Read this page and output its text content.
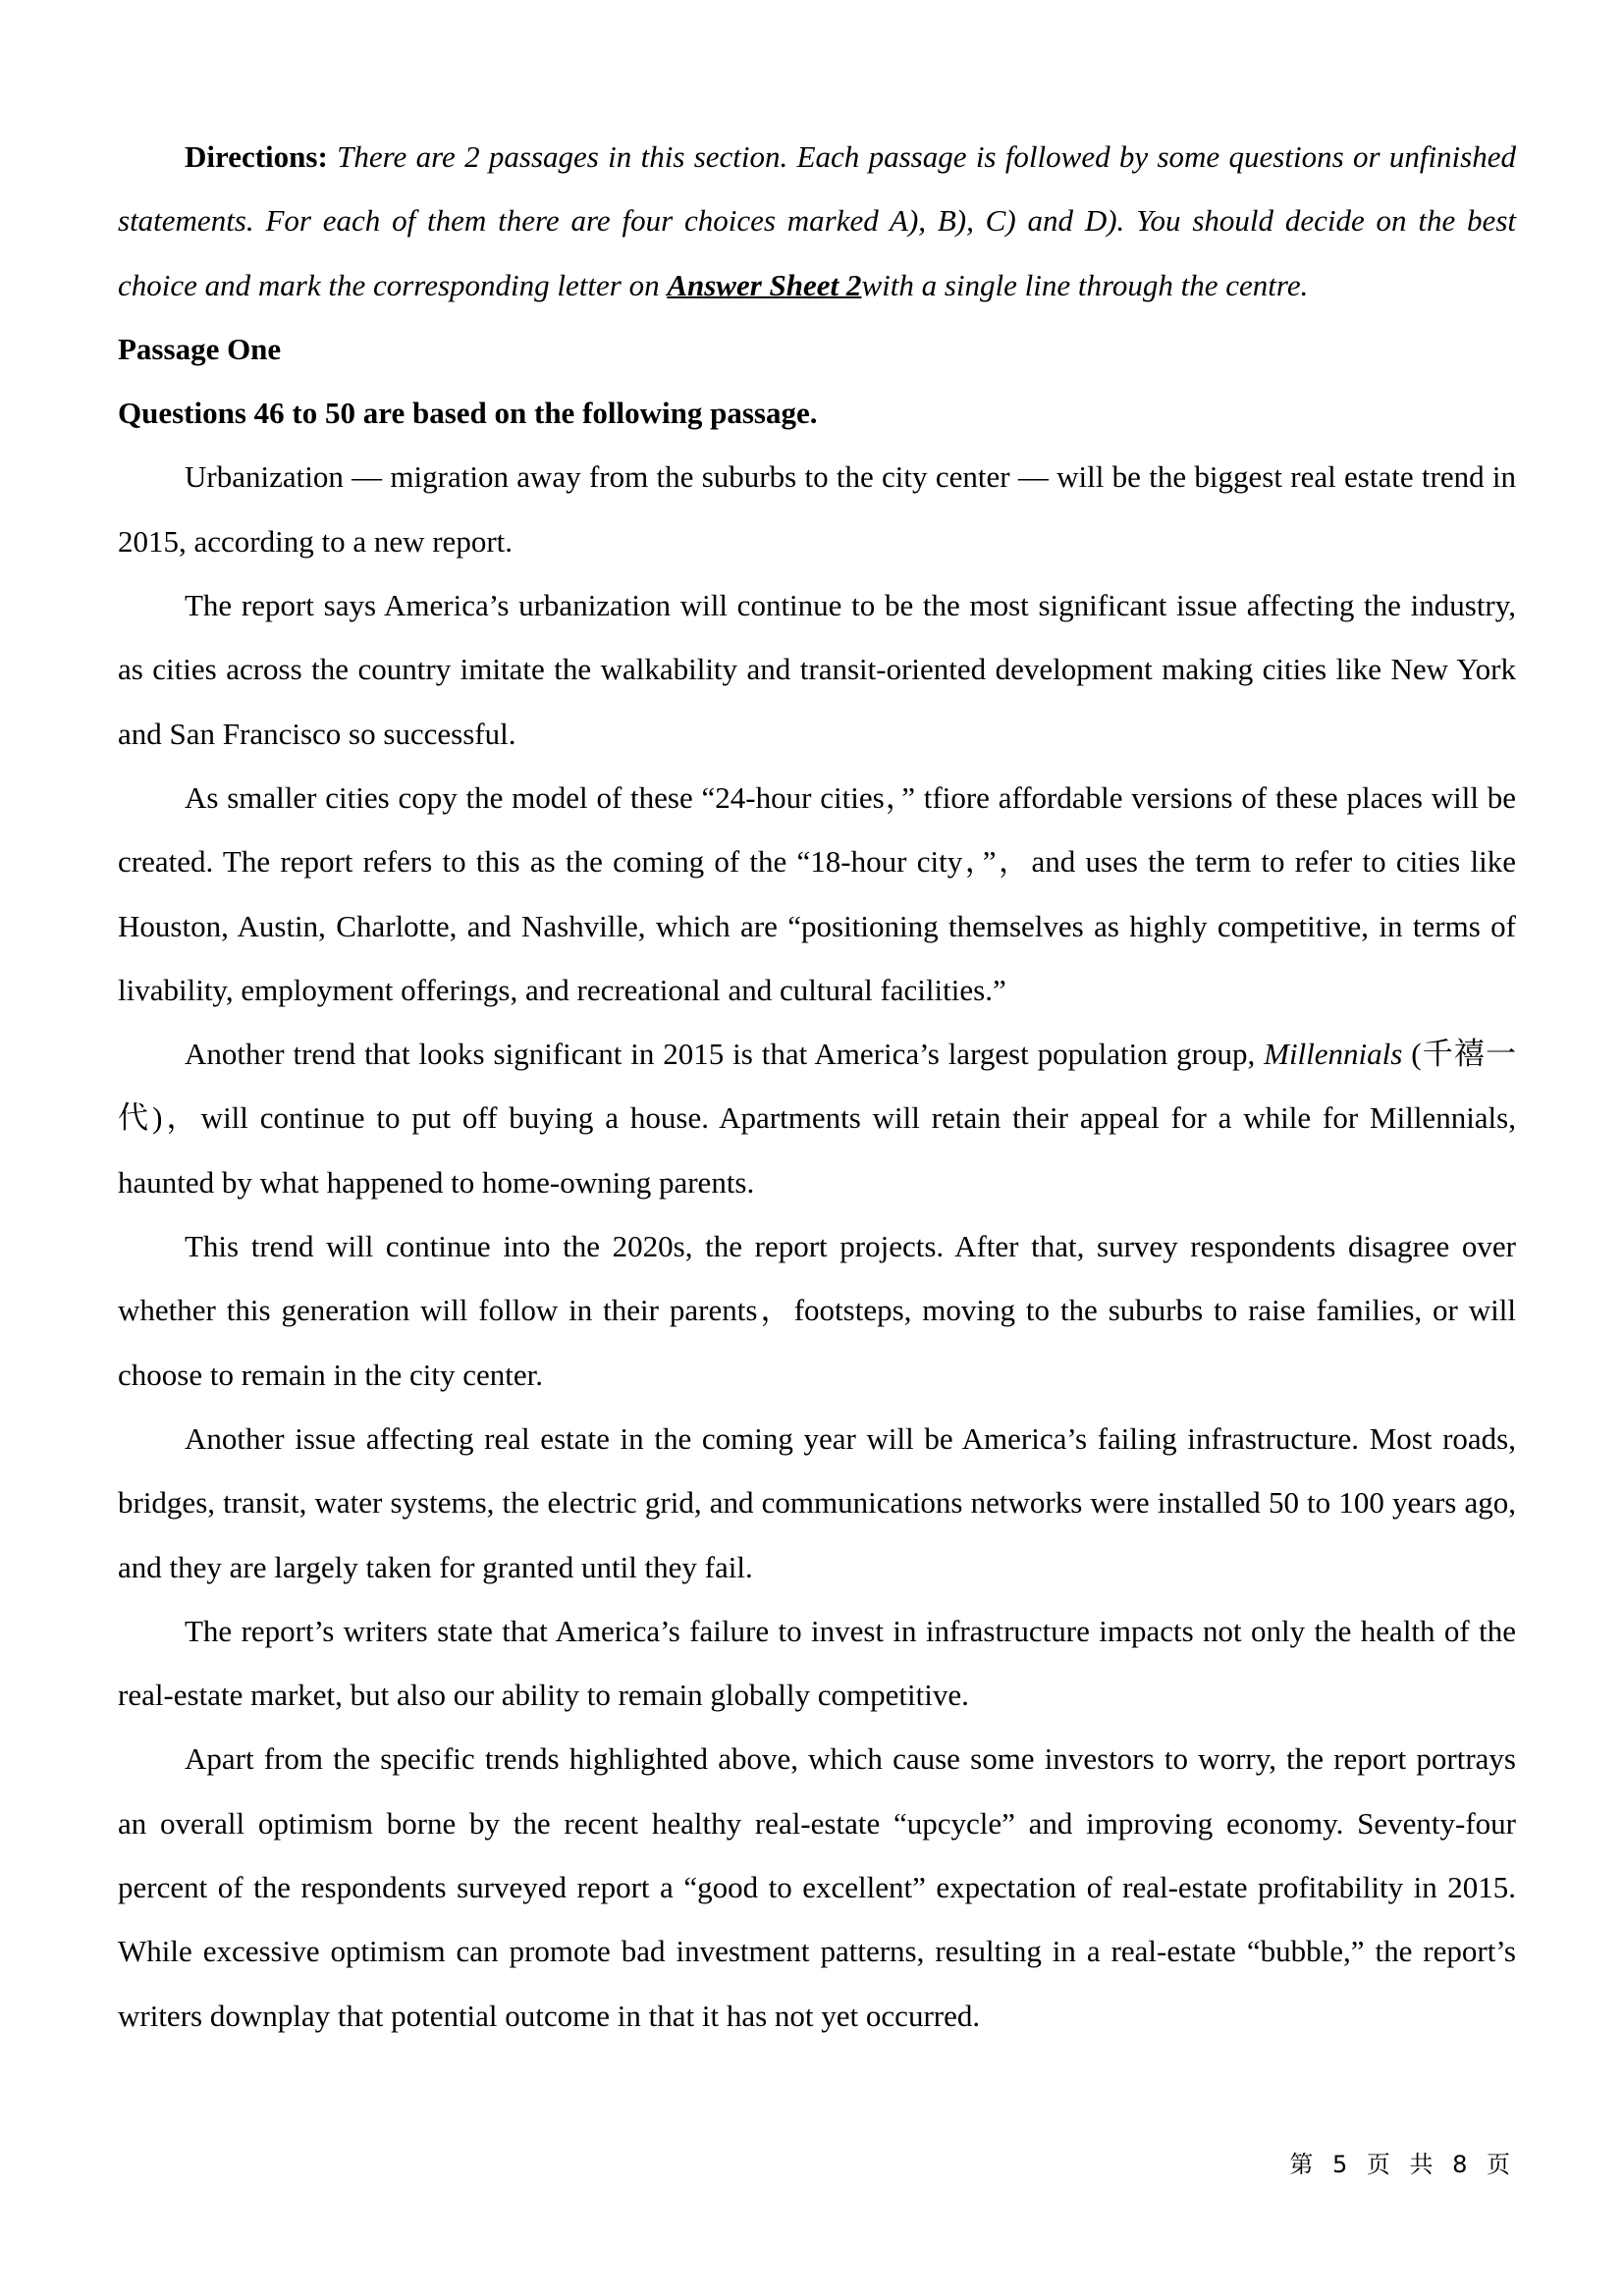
Directions: There are 2 passages in this section. Each passage is followed by some questions or unfinished statements. For each of them there are four choices marked A), B), C) and D). You should decide on the best choice and mark the corresponding letter on Answer Sheet 2with a single line through the centre.

Passage One

Questions 46 to 50 are based on the following passage.

Urbanization — migration away from the suburbs to the city center — will be the biggest real estate trend in 2015, according to a new report.

The report says America’s urbanization will continue to be the most significant issue affecting the industry, as cities across the country imitate the walkability and transit-oriented development making cities like New York and San Francisco so successful.

As smaller cities copy the model of these “24-hour cities，” tfiore affordable versions of these places will be created. The report refers to this as the coming of the “18-hour city，”，and uses the term to refer to cities like Houston, Austin, Charlotte, and Nashville, which are “positioning themselves as highly competitive, in terms of livability, employment offerings, and recreational and cultural facilities.”

Another trend that looks significant in 2015 is that America’s largest population group, Millennials (千禧一代)，will continue to put off buying a house. Apartments will retain their appeal for a while for Millennials, haunted by what happened to home-owning parents.

This trend will continue into the 2020s, the report projects. After that, survey respondents disagree over whether this generation will follow in their parents，footsteps, moving to the suburbs to raise families, or will choose to remain in the city center.

Another issue affecting real estate in the coming year will be America’s failing infrastructure. Most roads, bridges, transit, water systems, the electric grid, and communications networks were installed 50 to 100 years ago, and they are largely taken for granted until they fail.

The report’s writers state that America’s failure to invest in infrastructure impacts not only the health of the real-estate market, but also our ability to remain globally competitive.

Apart from the specific trends highlighted above, which cause some investors to worry, the report portrays an overall optimism borne by the recent healthy real-estate “upcycle” and improving economy. Seventy-four percent of the respondents surveyed report a “good to excellent” expectation of real-estate profitability in 2015. While excessive optimism can promote bad investment patterns, resulting in a real-estate “bubble,” the report’s writers downplay that potential outcome in that it has not yet occurred.

第 5 页 共 8 页
